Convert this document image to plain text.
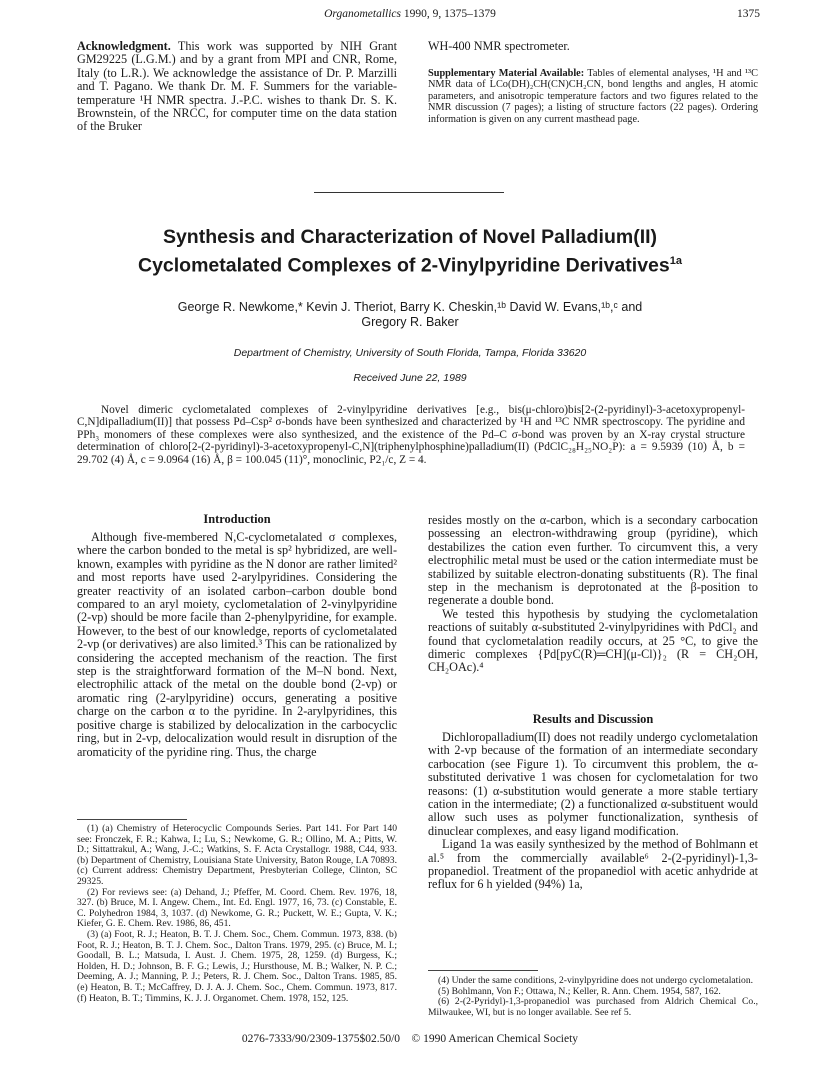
Organometallics 1990, 9, 1375–1379	1375
Acknowledgment. This work was supported by NIH Grant GM29225 (L.G.M.) and by a grant from MPI and CNR, Rome, Italy (to L.R.). We acknowledge the assistance of Dr. P. Marzilli and T. Pagano. We thank Dr. M. F. Summers for the variable-temperature ¹H NMR spectra. J.-P.C. wishes to thank Dr. S. K. Brownstein, of the NRCC, for computer time on the data station of the Bruker
WH-400 NMR spectrometer.
Supplementary Material Available: Tables of elemental analyses, ¹H and ¹³C NMR data of LCo(DH)₂CH(CN)CH₂CN, bond lengths and angles, H atomic parameters, and anisotropic temperature factors and two figures related to the NMR discussion (7 pages); a listing of structure factors (22 pages). Ordering information is given on any current masthead page.
Synthesis and Characterization of Novel Palladium(II)
Cyclometalated Complexes of 2-Vinylpyridine Derivatives$^{1a}$
George R. Newkome,* Kevin J. Theriot, Barry K. Cheskin,¹ᵇ David W. Evans,¹ᵇ,ᶜ and
Gregory R. Baker
Department of Chemistry, University of South Florida, Tampa, Florida 33620
Received June 22, 1989

Novel dimeric cyclometalated complexes of 2-vinylpyridine derivatives [e.g., bis(μ-chloro)bis[2-(2-pyridinyl)-3-acetoxypropenyl-C,N]dipalladium(II)] that possess Pd–Csp² σ-bonds have been synthesized and characterized by ¹H and ¹³C NMR spectroscopy. The pyridine and PPh₃ monomers of these complexes were also synthesized, and the existence of the Pd–C σ-bond was proven by an X-ray crystal structure determination of chloro[2-(2-pyridinyl)-3-acetoxypropenyl-C,N](triphenylphosphine)palladium(II) (PdClC₂₈H₂₅NO₂P): a = 9.5939 (10) Å, b = 29.702 (4) Å, c = 9.0964 (16) Å, β = 100.045 (11)°, monoclinic, P2₁/c, Z = 4.

Introduction

Although five-membered N,C-cyclometalated σ complexes, where the carbon bonded to the metal is sp² hybridized, are well-known, examples with pyridine as the N donor are rather limited² and most reports have used 2-arylpyridines. Considering the greater reactivity of an isolated carbon–carbon double bond compared to an aryl moiety, cyclometalation of 2-vinylpyridine (2-vp) should be more facile than 2-phenylpyridine, for example. However, to the best of our knowledge, reports of cyclometalated 2-vp (or derivatives) are also limited.³ This can be rationalized by considering the accepted mechanism of the reaction. The first step is the straightforward formation of the M–N bond. Next, electrophilic attack of the metal on the double bond (2-vp) or aromatic ring (2-arylpyridine) occurs, generating a positive charge on the carbon α to the pyridine. In 2-arylpyridines, this positive charge is stabilized by delocalization in the carbocyclic ring, but in 2-vp, delocalization would result in disruption of the aromaticity of the pyridine ring. Thus, the charge

(1) (a) Chemistry of Heterocyclic Compounds Series. Part 141. For Part 140 see: Fronczek, F. R.; Kahwa, I.; Lu, S.; Newkome, G. R.; Ollino, M. A.; Pitts, W. D.; Sittattrakul, A.; Wang, J.-C.; Watkins, S. F. Acta Crystallogr. 1988, C44, 933. (b) Department of Chemistry, Louisiana State University, Baton Rouge, LA 70893. (c) Current address: Chemistry Department, Presbyterian College, Clinton, SC 29325.

(2) For reviews see: (a) Dehand, J.; Pfeffer, M. Coord. Chem. Rev. 1976, 18, 327. (b) Bruce, M. I. Angew. Chem., Int. Ed. Engl. 1977, 16, 73. (c) Constable, E. C. Polyhedron 1984, 3, 1037. (d) Newkome, G. R.; Puckett, W. E.; Gupta, V. K.; Kiefer, G. E. Chem. Rev. 1986, 86, 451.

(3) (a) Foot, R. J.; Heaton, B. T. J. Chem. Soc., Chem. Commun. 1973, 838. (b) Foot, R. J.; Heaton, B. T. J. Chem. Soc., Dalton Trans. 1979, 295. (c) Bruce, M. I.; Goodall, B. L.; Matsuda, I. Aust. J. Chem. 1975, 28, 1259. (d) Burgess, K.; Holden, H. D.; Johnson, B. F. G.; Lewis, J.; Hursthouse, M. B.; Walker, N. P. C.; Deeming, A. J.; Manning, P. J.; Peters, R. J. Chem. Soc., Dalton Trans. 1985, 85. (e) Heaton, B. T.; McCaffrey, D. J. A. J. Chem. Soc., Chem. Commun. 1973, 817. (f) Heaton, B. T.; Timmins, K. J. J. Organomet. Chem. 1978, 152, 125.

resides mostly on the α-carbon, which is a secondary carbocation possessing an electron-withdrawing group (pyridine), which destabilizes the cation even further. To circumvent this, a very electrophilic metal must be used or the cation intermediate must be stabilized by suitable electron-donating substituents (R). The final step in the mechanism is deprotonated at the β-position to regenerate a double bond.

We tested this hypothesis by studying the cyclometalation reactions of suitably α-substituted 2-vinylpyridines with PdCl₂ and found that cyclometalation readily occurs, at 25 °C, to give the dimeric complexes {Pd[pyC(R)═CH](μ-Cl)}₂ (R = CH₂OH, CH₂OAc).⁴

Results and Discussion

Dichloropalladium(II) does not readily undergo cyclometalation with 2-vp because of the formation of an intermediate secondary carbocation (see Figure 1). To circumvent this problem, the α-substituted derivative 1 was chosen for cyclometalation for two reasons: (1) α-substitution would generate a more stable tertiary cation in the intermediate; (2) a functionalized α-substituent would allow such uses as polymer functionalization, synthesis of dinuclear complexes, and easy ligand modification.

Ligand 1a was easily synthesized by the method of Bohlmann et al.⁵ from the commercially available⁶ 2-(2-pyridinyl)-1,3-propanediol. Treatment of the propanediol with acetic anhydride at reflux for 6 h yielded (94%) 1a,

(4) Under the same conditions, 2-vinylpyridine does not undergo cyclometalation.

(5) Bohlmann, Von F.; Ottawa, N.; Keller, R. Ann. Chem. 1954, 587, 162.

(6) 2-(2-Pyridyl)-1,3-propanediol was purchased from Aldrich Chemical Co., Milwaukee, WI, but is no longer available. See ref 5.

0276-7333/90/2309-1375$02.50/0 © 1990 American Chemical Society
